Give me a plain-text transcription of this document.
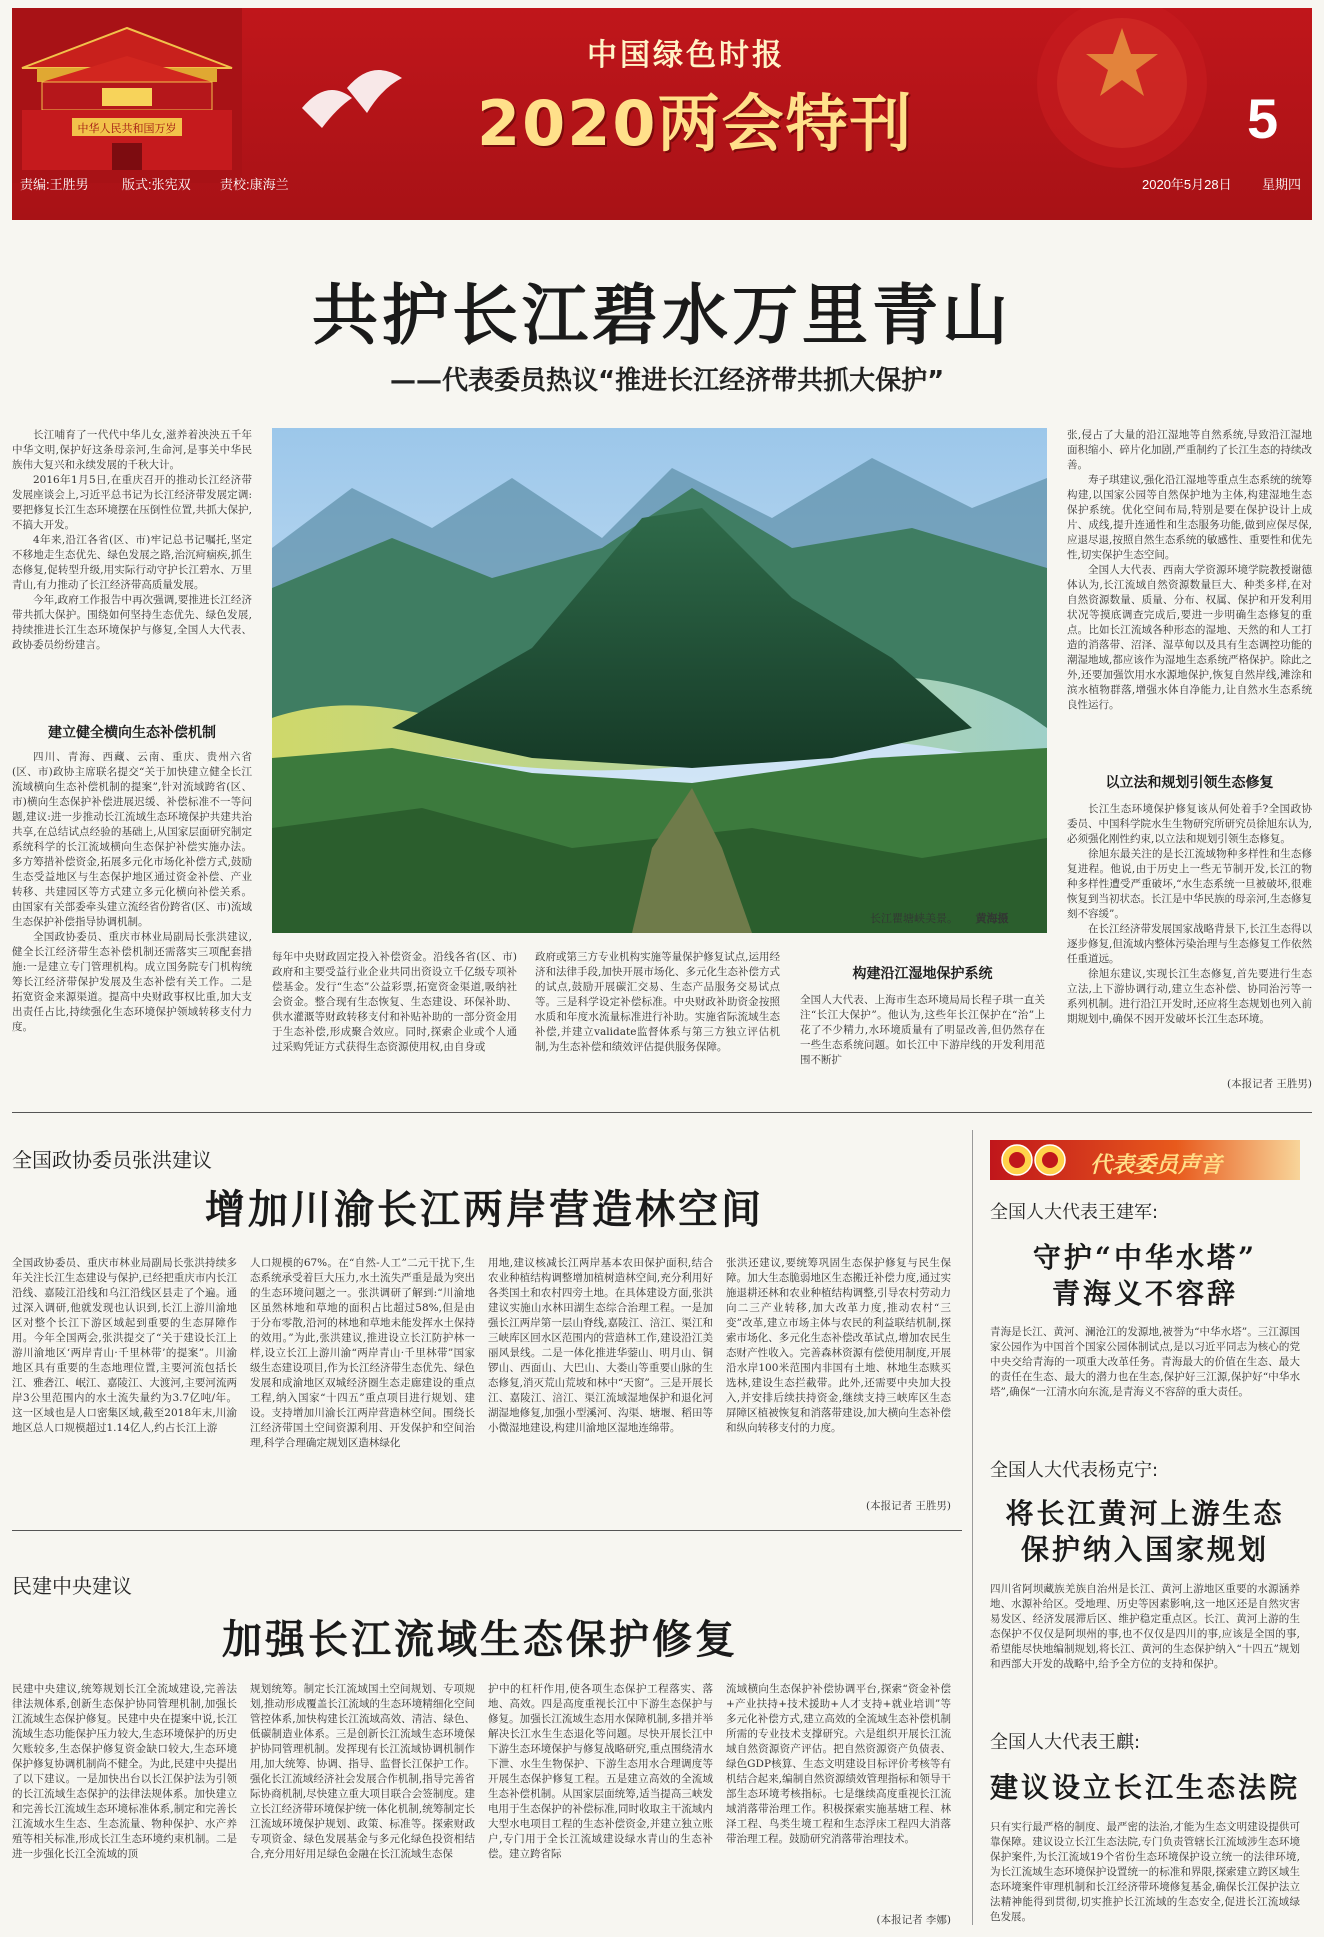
中华人民共和国万岁
中国绿色时报
2020两会特刊	5
责编:王胜男	版式:张宪双 责校:康海兰	2020年5月28日 星期四
共护长江碧水万里青山
——代表委员热议“推进长江经济带共抓大保护”

长江哺育了一代代中华儿女,滋养着泱泱五千年中华文明,保护好这条母亲河,生命河,是事关中华民族伟大复兴和永续发展的千秋大计。

2016年1月5日,在重庆召开的推动长江经济带发展座谈会上,习近平总书记为长江经济带发展定调:要把修复长江生态环境摆在压倒性位置,共抓大保护,不搞大开发。

4年来,沿江各省(区、市)牢记总书记嘱托,坚定不移地走生态优先、绿色发展之路,治沉疴痼疾,抓生态修复,促转型升级,用实际行动守护长江碧水、万里青山,有力推动了长江经济带高质量发展。

今年,政府工作报告中再次强调,要推进长江经济带共抓大保护。围绕如何坚持生态优先、绿色发展,持续推进长江生态环境保护与修复,全国人大代表、政协委员纷纷建言。

建立健全横向生态补偿机制

四川、青海、西藏、云南、重庆、贵州六省(区、市)政协主席联名提交“关于加快建立健全长江流域横向生态补偿机制的提案”,针对流域跨省(区、市)横向生态保护补偿进展迟缓、补偿标准不一等问题,建议:进一步推动长江流域生态环境保护共建共治共享,在总结试点经验的基础上,从国家层面研究制定系统科学的长江流域横向生态保护补偿实施办法。多方筹措补偿资金,拓展多元化市场化补偿方式,鼓励生态受益地区与生态保护地区通过资金补偿、产业转移、共建园区等方式建立多元化横向补偿关系。由国家有关部委牵头建立流经省份跨省(区、市)流域生态保护补偿指导协调机制。

全国政协委员、重庆市林业局副局长张洪建议,健全长江经济带生态补偿机制还需落实三项配套措施:一是建立专门管理机构。成立国务院专门机构统筹长江经济带保护发展及生态补偿有关工作。二是拓宽资金来源渠道。提高中央财政事权比重,加大支出责任占比,持续强化生态环境保护领域转移支付力度。

长江瞿塘峡美景。 黄海摄
每年中央财政固定投入补偿资金。沿线各省(区、市)政府和主要受益行业企业共同出资设立千亿级专项补偿基金。发行“生态”公益彩票,拓宽资金渠道,吸纳社会资金。整合现有生态恢复、生态建设、环保补助、供水灌溉等财政转移支付和补贴补助的一部分资金用于生态补偿,形成聚合效应。同时,探索企业或个人通过采购凭证方式获得生态资源使用权,由自身或
政府或第三方专业机构实施等量保护修复试点,运用经济和法律手段,加快开展市场化、多元化生态补偿方式的试点,鼓励开展碳汇交易、生态产品服务交易试点等。三是科学设定补偿标准。中央财政补助资金按照水质和年度水流量标准进行补助。实施省际流域生态补偿,并建立validate监督体系与第三方独立评估机制,为生态补偿和绩效评估提供服务保障。
构建沿江湿地保护系统
全国人大代表、上海市生态环境局局长程子琪一直关注“长江大保护”。他认为,这些年长江保护在“治”上花了不少精力,水环境质量有了明显改善,但仍然存在一些生态系统问题。如长江中下游岸线的开发利用范围不断扩

张,侵占了大量的沿江湿地等自然系统,导致沿江湿地面积缩小、碎片化加剧,严重制约了长江生态的持续改善。

寿子琪建议,强化沿江湿地等重点生态系统的统筹构建,以国家公园等自然保护地为主体,构建湿地生态保护系统。优化空间布局,特别是要在保护设计上成片、成线,提升连通性和生态服务功能,做到应保尽保,应退尽退,按照自然生态系统的敏感性、重要性和优先性,切实保护生态空间。

全国人大代表、西南大学资源环境学院教授谢德体认为,长江流域自然资源数量巨大、种类多样,在对自然资源数量、质量、分布、权属、保护和开发利用状况等摸底调查完成后,要进一步明确生态修复的重点。比如长江流域各种形态的湿地、天然的和人工打造的消落带、沼泽、湿草甸以及具有生态调控功能的潮湿地域,都应该作为湿地生态系统严格保护。除此之外,还要加强饮用水水源地保护,恢复自然岸线,滩涂和滨水植物群落,增强水体自净能力,让自然水生态系统良性运行。

以立法和规划引领生态修复

长江生态环境保护修复该从何处着手?全国政协委员、中国科学院水生生物研究所研究员徐旭东认为,必须强化刚性约束,以立法和规划引领生态修复。

徐旭东最关注的是长江流域物种多样性和生态修复进程。他说,由于历史上一些无节制开发,长江的物种多样性遭受严重破坏,“水生态系统一旦被破坏,很难恢复到当初状态。长江是中华民族的母亲河,生态修复刻不容缓”。

在长江经济带发展国家战略背景下,长江生态得以逐步修复,但流域内整体污染治理与生态修复工作依然任重道远。

徐旭东建议,实现长江生态修复,首先要进行生态立法,上下游协调行动,建立生态补偿、协同治污等一系列机制。进行沿江开发时,还应将生态规划也列入前期规划中,确保不因开发破坏长江生态环境。

(本报记者 王胜男)
全国政协委员张洪建议
增加川渝长江两岸营造林空间
全国政协委员、重庆市林业局副局长张洪持续多年关注长江生态建设与保护,已经把重庆市内长江沿线、嘉陵江沿线和乌江沿线区县走了个遍。通过深入调研,他就发现也认识到,长江上游川渝地区对整个长江下游区域起到重要的生态屏障作用。今年全国两会,张洪提交了“关于建设长江上游川渝地区‘两岸青山·千里林带’的提案”。川渝地区具有重要的生态地理位置,主要河流包括长江、雅砻江、岷江、嘉陵江、大渡河,主要河流两岸3公里范围内的水土流失量约为3.7亿吨/年。这一区域也是人口密集区域,截至2018年末,川渝地区总人口规模超过1.14亿人,约占长江上游
人口规模的67%。在“自然-人工”二元干扰下,生态系统承受着巨大压力,水土流失严重是最为突出的生态环境问题之一。张洪调研了解到:“川渝地区虽然林地和草地的面积占比超过58%,但是由于分布零散,沿河的林地和草地未能发挥水土保持的效用。”为此,张洪建议,推进设立长江防护林一样,设立长江上游川渝“两岸青山·千里林带”国家级生态建设项目,作为长江经济带生态优先、绿色发展和成渝地区双城经济圈生态走廊建设的重点工程,纳入国家“十四五”重点项目进行规划、建设。支持增加川渝长江两岸营造林空间。围绕长江经济带国土空间资源利用、开发保护和空间治理,科学合理确定规划区造林绿化
用地,建议核减长江两岸基本农田保护面积,结合农业种植结构调整增加植树造林空间,充分利用好各类国土和农村四旁土地。在具体建设方面,张洪建议实施山水林田湖生态综合治理工程。一是加强长江两岸第一层山脊线,嘉陵江、涪江、渠江和三峡库区回水区范围内的营造林工作,建设沿江美丽风景线。二是一体化推进华蓥山、明月山、铜锣山、西面山、大巴山、大娄山等重要山脉的生态修复,消灭荒山荒坡和林中“天窗”。三是开展长江、嘉陵江、涪江、渠江流域湿地保护和退化河湖湿地修复,加强小型溪河、沟渠、塘堰、稻田等小微湿地建设,构建川渝地区湿地连绵带。
张洪还建议,要统筹巩固生态保护修复与民生保障。加大生态脆弱地区生态搬迁补偿力度,通过实施退耕还林和农业种植结构调整,引导农村劳动力向二三产业转移,加大改革力度,推动农村“三变”改革,建立市场主体与农民的利益联结机制,探索市场化、多元化生态补偿改革试点,增加农民生态财产性收入。完善森林资源有偿使用制度,开展沿水岸100米范围内非国有土地、林地生态赎买选林,建设生态拦截带。此外,还需要中央加大投入,并安排后续扶持资金,继续支持三峡库区生态屏障区植被恢复和消落带建设,加大横向生态补偿和纵向转移支付的力度。
(本报记者 王胜男)
民建中央建议
加强长江流域生态保护修复
民建中央建议,统筹规划长江全流域建设,完善法律法规体系,创新生态保护协同管理机制,加强长江流域生态保护修复。民建中央在提案中说,长江流域生态功能保护压力较大,生态环境保护的历史欠账较多,生态保护修复资金缺口较大,生态环境保护修复协调机制尚不健全。为此,民建中央提出了以下建议。一是加快出台以长江保护法为引领的长江流域生态保护的法律法规体系。加快建立和完善长江流域生态环境标准体系,制定和完善长江流域水生生态、生态流量、物种保护、水产养殖等相关标准,形成长江生态环境约束机制。二是进一步强化长江全流域的顶
规划统筹。制定长江流域国土空间规划、专项规划,推动形成覆盖长江流域的生态环境精细化空间管控体系,加快构建长江流域高效、清洁、绿色、低碳制造业体系。三是创新长江流域生态环境保护协同管理机制。发挥现有长江流域协调机制作用,加大统筹、协调、指导、监督长江保护工作。强化长江流域经济社会发展合作机制,指导完善省际协商机制,尽快建立重大项目联合会签制度。建立长江经济带环境保护统一体化机制,统筹制定长江流域环境保护规划、政策、标准等。探索财政专项资金、绿色发展基金与多元化绿色投资相结合,充分用好用足绿色金融在长江流域生态保
护中的杠杆作用,使各项生态保护工程落实、落地、高效。四是高度重视长江中下游生态保护与修复。加强长江流域生态用水保障机制,多措并举解决长江水生生态退化等问题。尽快开展长江中下游生态环境保护与修复战略研究,重点围绕清水下泄、水生生物保护、下游生态用水合理调度等开展生态保护修复工程。五是建立高效的全流域生态补偿机制。从国家层面统筹,适当提高三峡发电用于生态保护的补偿标准,同时收取主干流域内大型水电项目工程的生态补偿资金,并建立独立账户,专门用于全长江流域建设绿水青山的生态补偿。建立跨省际
流域横向生态保护补偿协调平台,探索“资金补偿+产业扶持+技术援助+人才支持+就业培训”等多元化补偿方式,建立高效的全流域生态补偿机制所需的专业技术支撑研究。六是组织开展长江流域自然资源资产评估。把自然资源资产负债表、绿色GDP核算、生态文明建设目标评价考核等有机结合起来,编制自然资源绩效管理指标和领导干部生态环境考核指标。七是继续高度重视长江流域消落带治理工作。积极探索实施基塘工程、林泽工程、鸟类生境工程和生态浮床工程四大消落带治理工程。鼓励研究消落带治理技术。
(本报记者 李娜)
代表委员声音
全国人大代表王建军:
守护“中华水塔”
青海义不容辞
青海是长江、黄河、澜沧江的发源地,被誉为“中华水塔”。三江源国家公园作为中国首个国家公园体制试点,是以习近平同志为核心的党中央交给青海的一项重大改革任务。青海最大的价值在生态、最大的责任在生态、最大的潜力也在生态,保护好三江源,保护好“中华水塔”,确保“一江清水向东流,是青海义不容辞的重大责任。
全国人大代表杨克宁:
将长江黄河上游生态
保护纳入国家规划
四川省阿坝藏族羌族自治州是长江、黄河上游地区重要的水源涵养地、水源补给区。受地理、历史等因素影响,这一地区还是自然灾害易发区、经济发展滞后区、维护稳定重点区。长江、黄河上游的生态保护不仅仅是阿坝州的事,也不仅仅是四川的事,应该是全国的事,希望能尽快地编制规划,将长江、黄河的生态保护纳入“十四五”规划和西部大开发的战略中,给予全方位的支持和保护。
全国人大代表王麒:
建议设立长江生态法院
只有实行最严格的制度、最严密的法治,才能为生态文明建设提供可靠保障。建议设立长江生态法院,专门负责管辖长江流域涉生态环境保护案件,为长江流域19个省份生态环境保护设立统一的法律环境,为长江流域生态环境保护设置统一的标准和界限,探索建立跨区域生态环境案件审理机制和长江经济带环境修复基金,确保长江保护法立法精神能得到贯彻,切实推护长江流域的生态安全,促进长江流域绿色发展。
